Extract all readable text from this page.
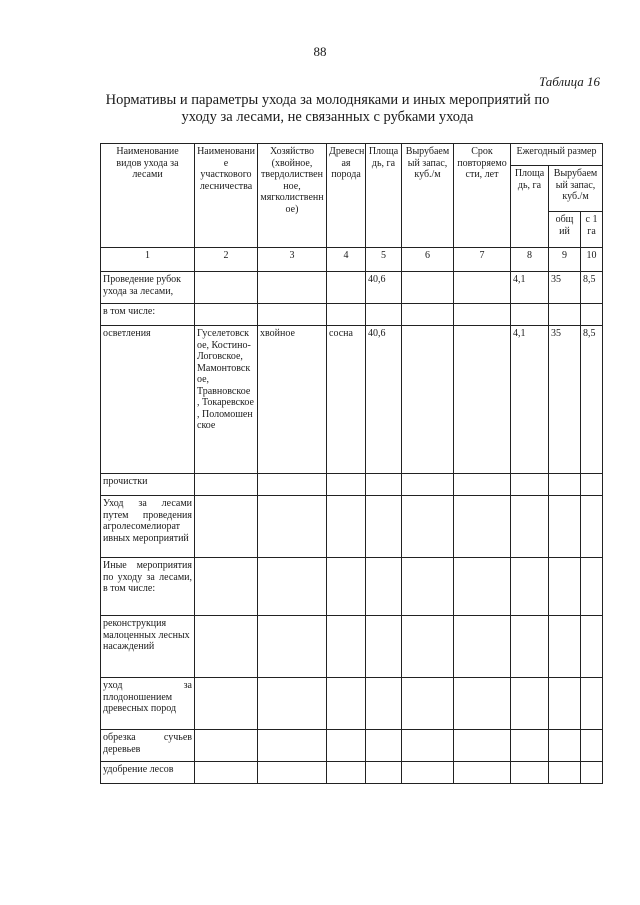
88
Таблица 16
Нормативы и параметры ухода за молодняками и иных мероприятий по уходу за лесами, не связанных с рубками ухода
Наименование видов ухода за лесами	Наименовани е участкового лесничества	Хозяйство (хвойное, твердолиствен ное, мягколиственн ое)	Древесн ая порода	Площа дь, га	Вырубаем ый запас, куб./м	Срок повторяемо сти, лет	Ежегодный размер		
							Площа дь, га	Вырубаем ый запас, куб./м	
								общ ий	с 1 га
1	2	3	4	5	6	7	8	9	10
Проведение рубок ухода за лесами,				40,6			4,1	35	8,5
в том числе:									
осветления	Гуселетовск ое, Костино-Логовское, Мамонтовск ое, Травновское , Токаревское , Поломошен ское	хвойное	сосна	40,6			4,1	35	8,5
прочистки									
Уход за лесами путем проведения агролесомелиорат ивных мероприятий									
Иные мероприятия по уходу за лесами, в том числе:									
реконструкция малоценных лесных насаждений									
уход за плодоношением древесных пород									
обрезка сучьев деревьев									
удобрение лесов									
